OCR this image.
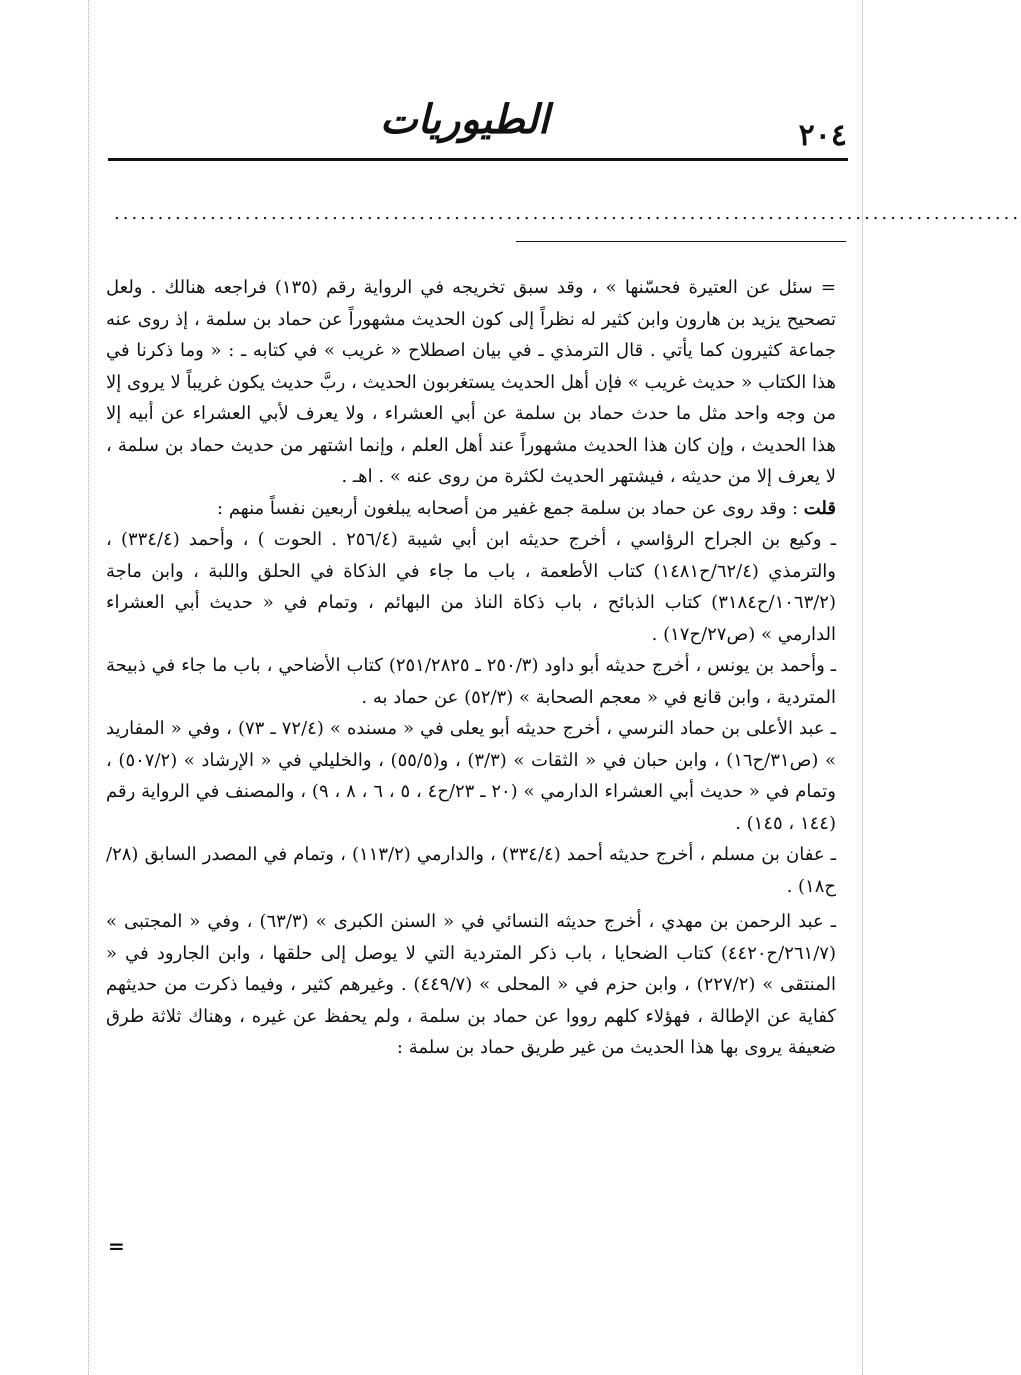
٢٠٤
الطيوريات
........................................................................................................

= سئل عن العتيرة فحسّنها » ، وقد سبق تخريجه في الرواية رقم (١٣٥) فراجعه هنالك . ولعل تصحيح يزيد بن هارون وابن كثير له نظراً إلى كون الحديث مشهوراً عن حماد بن سلمة ، إذ روى عنه جماعة كثيرون كما يأتي . قال الترمذي ـ في بيان اصطلاح « غريب » في كتابه ـ : « وما ذكرنا في هذا الكتاب « حديث غريب » فإن أهل الحديث يستغربون الحديث ، ربَّ حديث يكون غريباً لا يروى إلا من وجه واحد مثل ما حدث حماد بن سلمة عن أبي العشراء ، ولا يعرف لأبي العشراء عن أبيه إلا هذا الحديث ، وإن كان هذا الحديث مشهوراً عند أهل العلم ، وإنما اشتهر من حديث حماد بن سلمة ، لا يعرف إلا من حديثه ، فيشتهر الحديث لكثرة من روى عنه » . اهـ .

قلت : وقد روى عن حماد بن سلمة جمع غفير من أصحابه يبلغون أربعين نفساً منهم :

ـ وكيع بن الجراح الرؤاسي ، أخرج حديثه ابن أبي شيبة (٢٥٦/٤ . الحوت ) ، وأحمد (٣٣٤/٤) ، والترمذي (٦٢/٤/ح١٤٨١) كتاب الأطعمة ، باب ما جاء في الذكاة في الحلق واللبة ، وابن ماجة (١٠٦٣/٢/ح٣١٨٤) كتاب الذبائح ، باب ذكاة الناذ من البهائم ، وتمام في « حديث أبي العشراء الدارمي » (ص٢٧/ح١٧) .

ـ وأحمد بن يونس ، أخرج حديثه أبو داود (٢٥٠/٣ ـ ٢٥١/٢٨٢٥) كتاب الأضاحي ، باب ما جاء في ذبيحة المتردية ، وابن قانع في « معجم الصحابة » (٥٢/٣) عن حماد به .

ـ عبد الأعلى بن حماد النرسي ، أخرج حديثه أبو يعلى في « مسنده » (٧٢/٤ ـ ٧٣) ، وفي « المفاريد » (ص٣١/ح١٦) ، وابن حبان في « الثقات » (٣/٣) ، و(٥٥/٥) ، والخليلي في « الإرشاد » (٥٠٧/٢) ، وتمام في « حديث أبي العشراء الدارمي » (٢٠ ـ ٢٣/ح٤ ، ٥ ، ٦ ، ٨ ، ٩) ، والمصنف في الرواية رقم (١٤٤ ، ١٤٥) .

ـ عفان بن مسلم ، أخرج حديثه أحمد (٣٣٤/٤) ، والدارمي (١١٣/٢) ، وتمام في المصدر السابق (٢٨/ح١٨) .

ـ عبد الرحمن بن مهدي ، أخرج حديثه النسائي في « السنن الكبرى » (٦٣/٣) ، وفي « المجتبى » (٢٦١/٧/ح٤٤٢٠) كتاب الضحايا ، باب ذكر المتردية التي لا يوصل إلى حلقها ، وابن الجارود في « المنتقى » (٢٢٧/٢) ، وابن حزم في « المحلى » (٤٤٩/٧) . وغيرهم كثير ، وفيما ذكرت من حديثهم كفاية عن الإطالة ، فهؤلاء كلهم رووا عن حماد بن سلمة ، ولم يحفظ عن غيره ، وهناك ثلاثة طرق ضعيفة يروى بها هذا الحديث من غير طريق حماد بن سلمة :

=
